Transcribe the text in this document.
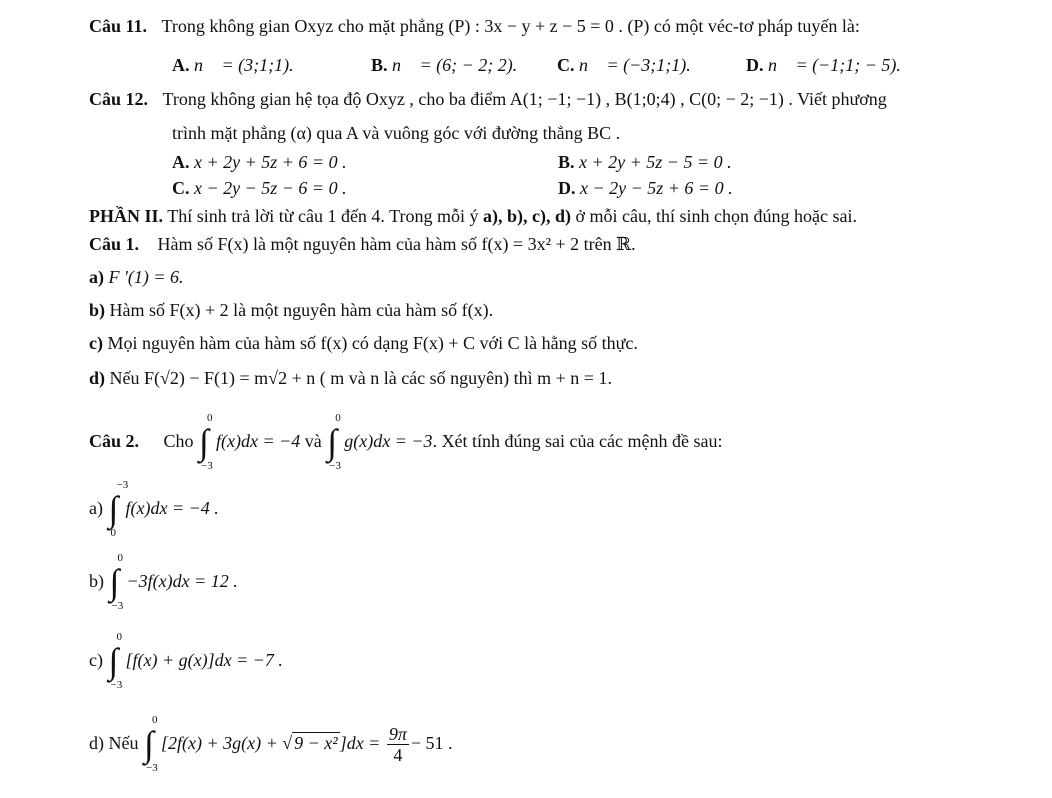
Câu 11. Trong không gian Oxyz cho mặt phẳng (P) : 3x − y + z − 5 = 0 . (P) có một véc-tơ pháp tuyến là:
A. n⃗ = (3;1;1).	B. n⃗ = (6; − 2; 2). C. n⃗ = (−3;1;1).	D. n⃗ = (−1;1; − 5).
Câu 12. Trong không gian hệ tọa độ Oxyz , cho ba điểm A(1; −1; −1) , B(1;0;4) , C(0; − 2; −1) . Viết phương
trình mặt phẳng (α) qua A và vuông góc với đường thẳng BC .
A. x + 2y + 5z + 6 = 0 .	B. x + 2y + 5z − 5 = 0 .
C. x − 2y − 5z − 6 = 0 .	D. x − 2y − 5z + 6 = 0 .
PHẦN II. Thí sinh trả lời từ câu 1 đến 4. Trong mỗi ý a), b), c), d) ở mỗi câu, thí sinh chọn đúng hoặc sai.
Câu 1. Hàm số F(x) là một nguyên hàm của hàm số f(x) = 3x² + 2 trên ℝ.
a) F '(1) = 6.
b) Hàm số F(x) + 2 là một nguyên hàm của hàm số f(x).
c) Mọi nguyên hàm của hàm số f(x) có dạng F(x) + C với C là hằng số thực.
d) Nếu F(√2) − F(1) = m√2 + n ( m và n là các số nguyên) thì m + n = 1.
Câu 2. Cho ∫
0
−3
f(x)dx = −4 và ∫
0
−3
g(x)dx = −3. Xét tính đúng sai của các mệnh đề sau:
a) ∫
−3
0
f(x)dx = −4 .
b) ∫
0
−3
−3f(x)dx = 12 .
c) ∫
0
−3
[f(x) + g(x)]dx = −7 .
d) Nếu ∫
0
−3
[2f(x) + 3g(x) + √ 9 − x² ]$dx = \frac{9\pi}{4} - 51$ .
